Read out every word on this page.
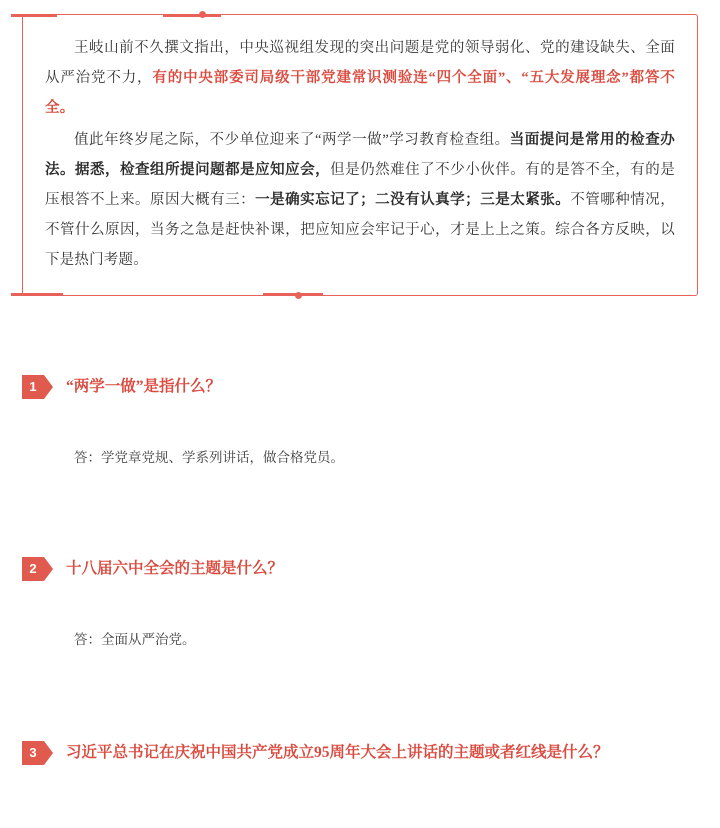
王岐山前不久撰文指出，中央巡视组发现的突出问题是党的领导弱化、党的建设缺失、全面从严治党不力，有的中央部委司局级干部党建常识测验连“四个全面”、“五大发展理念”都答不全。

值此年终岁尾之际，不少单位迎来了“两学一做”学习教育检查组。当面提问是常用的检查办法。据悉，检查组所提问题都是应知应会，但是仍然难住了不少小伙伴。有的是答不全，有的是压根答不上来。原因大概有三：一是确实忘记了；二没有认真学；三是太紧张。不管哪种情况，不管什么原因，当务之急是赶快补课，把应知应会牢记于心，才是上上之策。综合各方反映，以下是热门考题。

1	“两学一做”是指什么？
答：学党章党规、学系列讲话，做合格党员。
2	十八届六中全会的主题是什么？
答：全面从严治党。
3	习近平总书记在庆祝中国共产党成立95周年大会上讲话的主题或者红线是什么？
